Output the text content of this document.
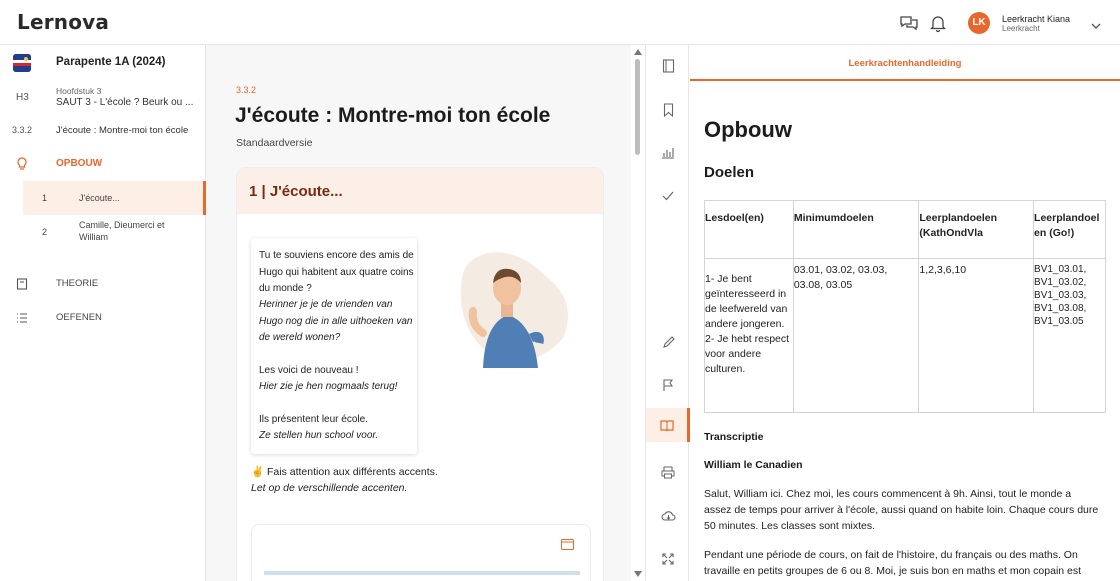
Lernova	LK	Leerkracht Kiana
Leerkracht
Parapente 1A (2024)
H3
Hoofdstuk 3
SAUT 3 - L'école ? Beurk ou ...
3.3.2	J'écoute : Montre-moi ton école
OPBOUW
1	J'écoute...
2
Camille, Dieumerci et
William
THEORIE
OEFENEN
3.3.2
J'écoute : Montre-moi ton école
Standaardversie
1 | J'écoute...

Tu te souviens encore des amis de Hugo qui habitent aux quatre coins du monde ?

Herinner je je de vrienden van Hugo nog die in alle uithoeken van de wereld wonen?

Les voici de nouveau !

Hier zie je hen nogmaals terug!

Ils présentent leur école.

Ze stellen hun school voor.

✌ Fais attention aux différents accents.
Let op de verschillende accenten.
Leerkrachtenhandleiding
Opbouw
Doelen
Lesdoel(en)	Minimumdoelen	Leerplandoelen (KathOndVla	Leerplandoel en (Go!)
1- Je bent geïnteresseerd in de leefwereld van andere jongeren. 2- Je hebt respect voor andere culturen.	03.01, 03.02, 03.03, 03.08, 03.05	1,2,3,6,10	BV1_03.01, BV1_03.02, BV1_03.03, BV1_03.08, BV1_03.05
Transcriptie
William le Canadien
Salut, William ici. Chez moi, les cours commencent à 9h. Ainsi, tout le monde a assez de temps pour arriver à l'école, aussi quand on habite loin. Chaque cours dure 50 minutes. Les classes sont mixtes.
Pendant une période de cours, on fait de l'histoire, du français ou des maths. On travaille en petits groupes de 6 ou 8. Moi, je suis bon en maths et mon copain est
